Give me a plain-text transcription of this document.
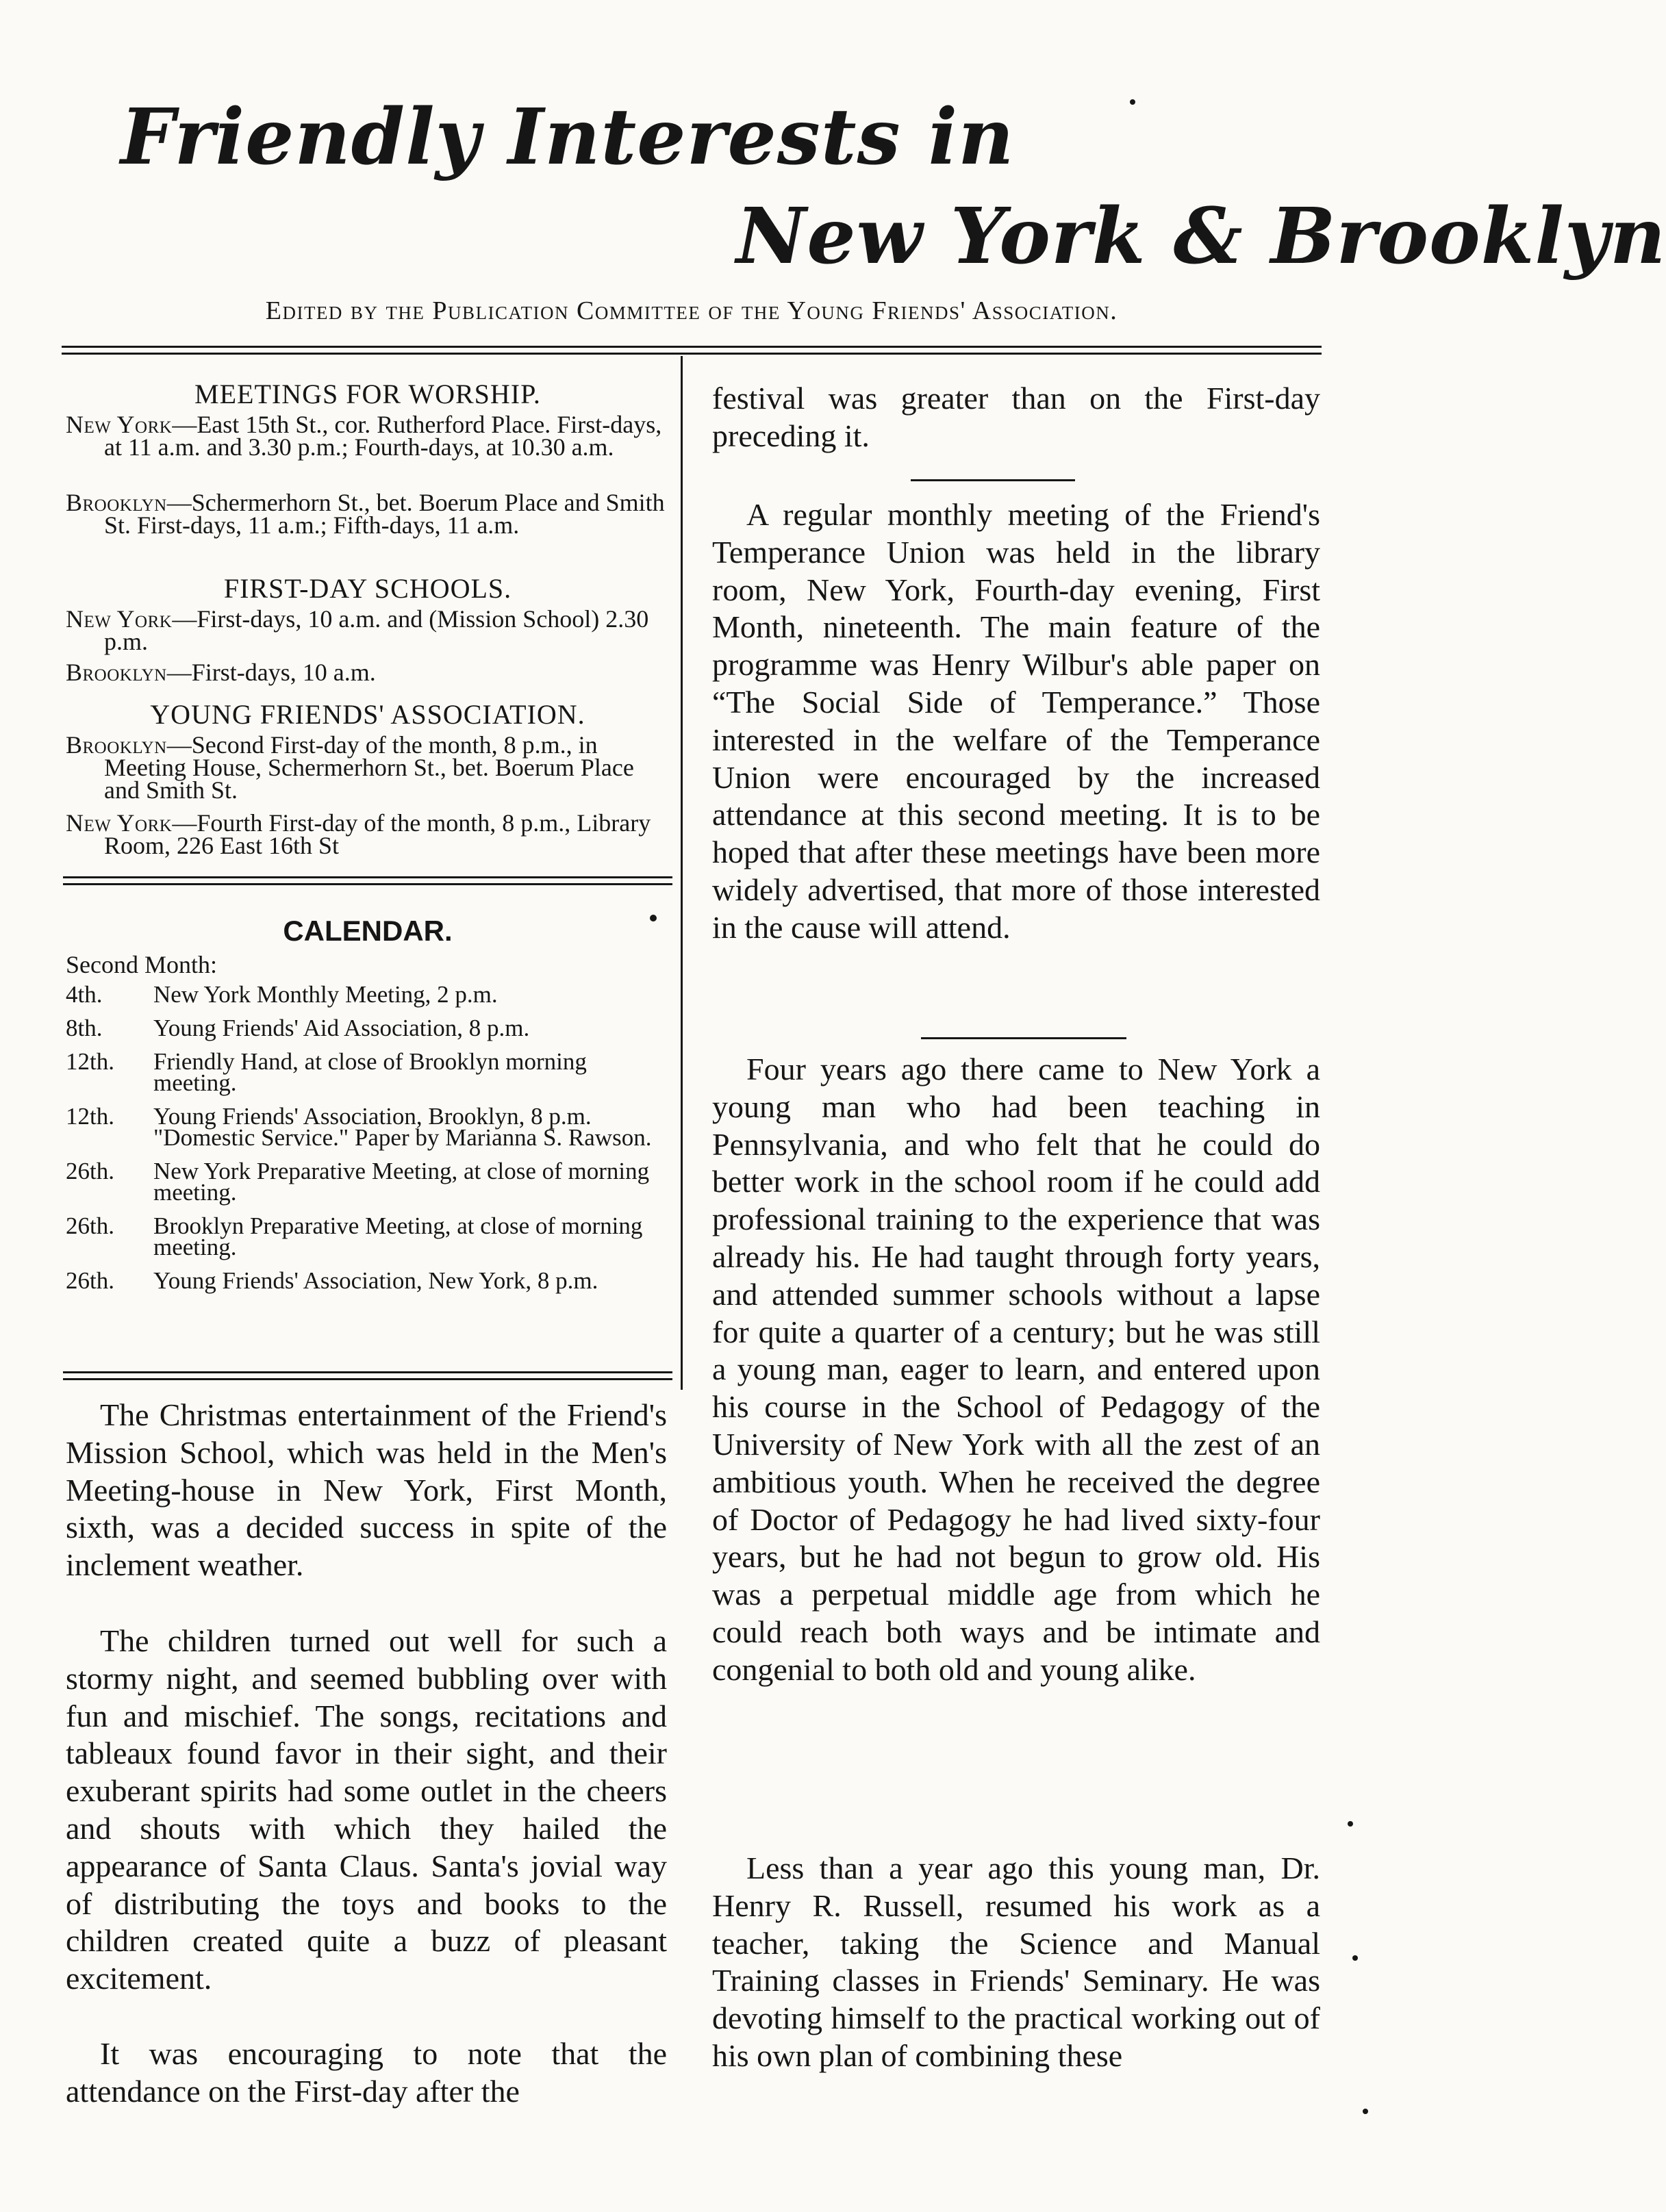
Friendly Interests in
New York & Brooklyn
Edited by the Publication Committee of the Young Friends' Association.
MEETINGS FOR WORSHIP.
New York—East 15th St., cor. Rutherford Place. First-days, at 11 a.m. and 3.30 p.m.; Fourth-days, at 10.30 a.m.
Brooklyn—Schermerhorn St., bet. Boerum Place and Smith St. First-days, 11 a.m.; Fifth-days, 11 a.m.
FIRST-DAY SCHOOLS.
New York—First-days, 10 a.m. and (Mission School) 2.30 p.m.
Brooklyn—First-days, 10 a.m.
YOUNG FRIENDS' ASSOCIATION.
Brooklyn—Second First-day of the month, 8 p.m., in Meeting House, Schermerhorn St., bet. Boerum Place and Smith St.
New York—Fourth First-day of the month, 8 p.m., Library Room, 226 East 16th St
CALENDAR.
Second Month:
4th.	New York Monthly Meeting, 2 p.m.
8th.	Young Friends' Aid Association, 8 p.m.
12th.	Friendly Hand, at close of Brooklyn morning meeting.
12th.	Young Friends' Association, Brooklyn, 8 p.m. "Domestic Service." Paper by Marianna S. Rawson.
26th.	New York Preparative Meeting, at close of morning meeting.
26th.	Brooklyn Preparative Meeting, at close of morning meeting.
26th.	Young Friends' Association, New York, 8 p.m.

The Christmas entertainment of the Friend's Mission School, which was held in the Men's Meeting-house in New York, First Month, sixth, was a decided success in spite of the inclement weather.

The children turned out well for such a stormy night, and seemed bubbling over with fun and mischief. The songs, recitations and tableaux found favor in their sight, and their exuberant spirits had some outlet in the cheers and shouts with which they hailed the appearance of Santa Claus. Santa's jovial way of distributing the toys and books to the children created quite a buzz of pleasant excitement.

It was encouraging to note that the attendance on the First-day after the

festival was greater than on the First-day preceding it.

A regular monthly meeting of the Friend's Temperance Union was held in the library room, New York, Fourth-day evening, First Month, nineteenth. The main feature of the programme was Henry Wilbur's able paper on “The Social Side of Temperance.” Those interested in the welfare of the Temperance Union were encouraged by the increased attendance at this second meeting. It is to be hoped that after these meetings have been more widely advertised, that more of those interested in the cause will attend.

Four years ago there came to New York a young man who had been teaching in Pennsylvania, and who felt that he could do better work in the school room if he could add professional training to the experience that was already his. He had taught through forty years, and attended summer schools without a lapse for quite a quarter of a century; but he was still a young man, eager to learn, and entered upon his course in the School of Pedagogy of the University of New York with all the zest of an ambitious youth. When he received the degree of Doctor of Pedagogy he had lived sixty-four years, but he had not begun to grow old. His was a perpetual middle age from which he could reach both ways and be intimate and congenial to both old and young alike.

Less than a year ago this young man, Dr. Henry R. Russell, resumed his work as a teacher, taking the Science and Manual Training classes in Friends' Seminary. He was devoting himself to the practical working out of his own plan of combining these
